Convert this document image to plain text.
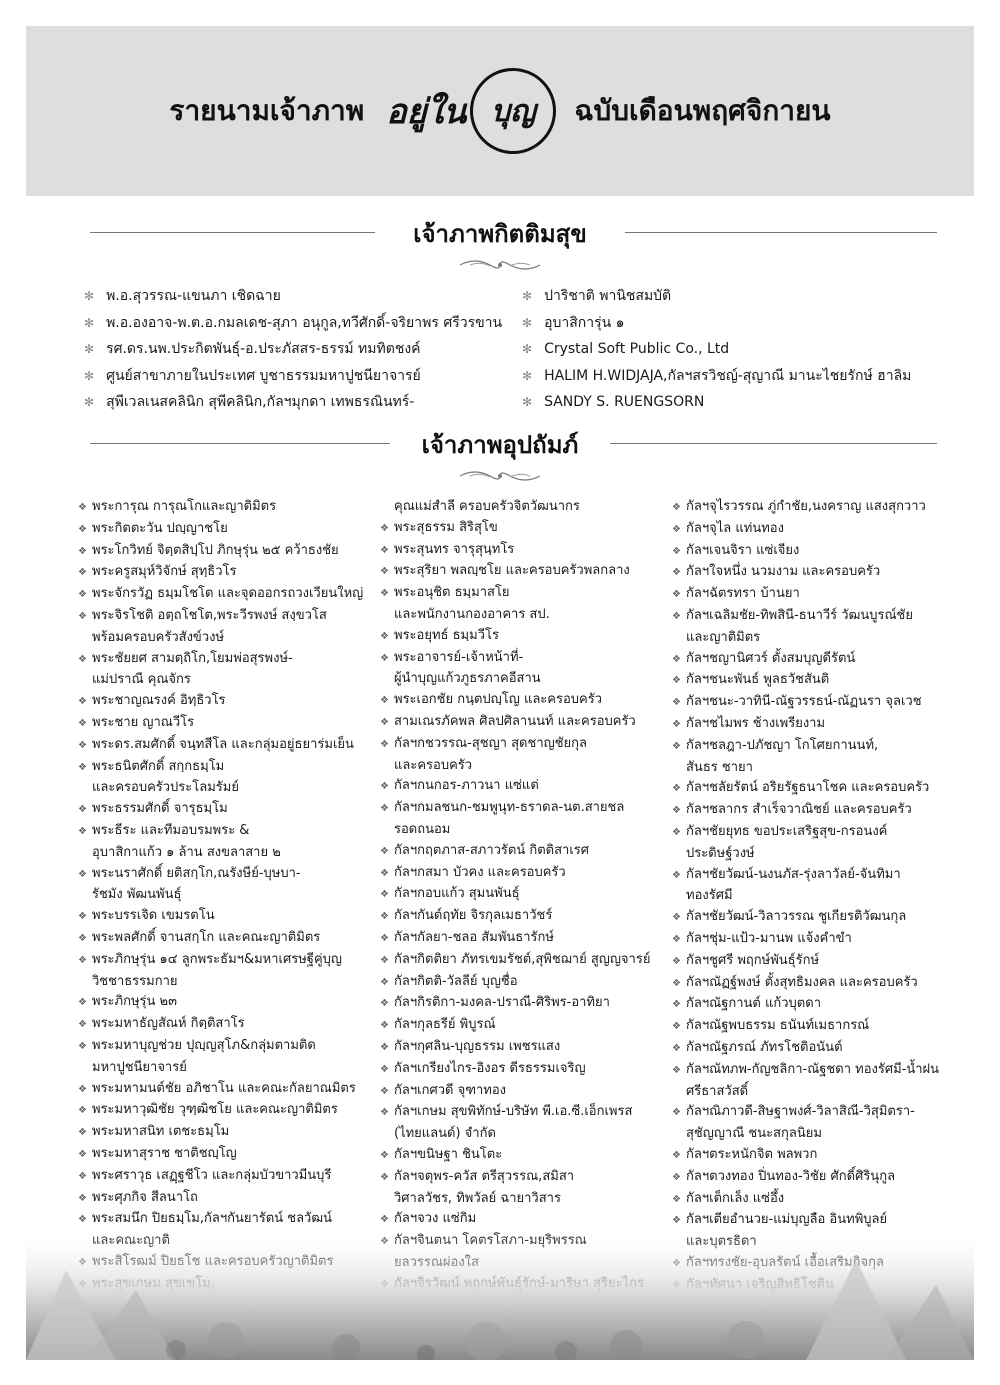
รายนามเจ้าภาพ อยู่ใน บุญ	ฉบับเดือนพฤศจิกายน
เจ้าภาพกิตติมสุข
✻ พ.อ.สุวรรณ-แขนภา เชิดฉาย
✻ พ.อ.องอาจ-พ.ต.อ.กมลเดช-สุภา อนุกูล,ทวีศักดิ์-จริยาพร ศรีวรขาน
✻ รศ.ดร.นพ.ประกิตพันธุ์-อ.ประภัสสร-ธรรม์ ทมทิตชงค์
✻ ศูนย์สาขาภายในประเทศ บูชาธรรมมหาปูชนียาจารย์
✻ สุพีเวลเนสคลินิก สุพีคลินิก,กัลฯมุกดา เทพธรณินทร์-
✻ ปาริชาติ พานิชสมบัติ
✻ อุบาสิการุ่น ๑
✻ Crystal Soft Public Co., Ltd
✻ HALIM H.WIDJAJA,กัลฯสรวิชญ์-สุญาณี มานะไชยรักษ์ ฮาลิม
✻ SANDY S. RUENGSORN
เจ้าภาพอุปถัมภ์
❖ พระการุณ การุณโกและญาติมิตร
❖ พระกิตตะวัน ปญฺญาชโย
❖ พระโกวิทย์ จิตฺตสิปฺโป ภิกษุรุ่น ๒๕ คว้าธงชัย
❖ พระครูสมุห์วิจักษ์ สุทฺธิวโร
❖ พระจักรวัฏ ธมฺมโชโต และจุดออกรถวงเวียนใหญ่
❖ พระจิรโชติ อตฺถโชโต,พระวีรพงษ์ สงฺขวโส
พร้อมครอบครัวสังข์วงษ์
❖ พระชัยยศ สามตฺถิโก,โยมพ่อสุรพงษ์-
แม่ปราณี คุณจักร
❖ พระชาญณรงค์ อิทฺธิวโร
❖ พระชาย ญาณวีโร
❖ พระดร.สมศักดิ์ จนฺทสีโล และกลุ่มอยู่ธยาร่มเย็น
❖ พระธนิตศักดิ์ สกฺกธมฺโม
และครอบครัวประโลมรัมย์
❖ พระธรรมศักดิ์ จารุธมฺโม
❖ พระธีระ และทีมอบรมพระ &
อุบาสิกาแก้ว ๑ ล้าน สงขลาสาย ๒
❖ พระนราศักดิ์ ยติสกฺโก,ณรังษีย์-บุษบา-
รัชมัง พัฒนพันธุ์
❖ พระบรรเจิด เขมรตโน
❖ พระพลศักดิ์ จานสกฺโก และคณะญาติมิตร
❖ พระภิกษุรุ่น ๑๔ ลูกพระธัมฯ&มหาเศรษฐีคู่บุญ
วิชชาธรรมกาย
❖ พระภิกษุรุ่น ๒๓
❖ พระมหาธัญสัณห์ กิตฺติสาโร
❖ พระมหาบุญช่วย ปุญฺญสุโภ&กลุ่มตามติด
มหาปูชนียาจารย์
❖ พระมหามนต์ชัย อภิชาโน และคณะกัลยาณมิตร
❖ พระมหาวุฒิชัย วุฑฺฒิชโย และคณะญาติมิตร
❖ พระมหาสนิท เตชะธมฺโม
❖ พระมหาสุราช ชาติชญฺโญ
❖ พระศราวุธ เสฏฺฐชีโว และกลุ่มบัวขาวมีนบุรี
❖ พระศุภกิจ สีลนาโถ
❖ พระสมนึก ปิยธมฺโม,กัลฯกันยารัตน์ ชลวัฒน์
คุณแม่สำลี ครอบครัวจิตวัฒนากร
❖ พระสุธรรม สิริสุโข
❖ พระสุนทร จารุสุนฺทโร
❖ พระสุริยา พลญฺชโย และครอบครัวพลกลาง
❖ พระอนุชิต ธมฺมาสโย
และพนักงานกองอาคาร สป.
❖ พระอยุทธ์ ธมฺมวีโร
❖ พระอาจารย์-เจ้าหน้าที่-
ผู้นำบุญแก้วภูธรภาคอีสาน
❖ พระเอกชัย กนฺตปญฺโญ และครอบครัว
❖ สามเณรภัคพล ศิลปศิลานนท์ และครอบครัว
❖ กัลฯกชวรรณ-สุชญา สุดชาญชัยกุล
และครอบครัว
❖ กัลฯกนกอร-ภาวนา แซ่แต่
❖ กัลฯกมลชนก-ชมพูนุท-ธราดล-นต.สายชล
รอดถนอม
❖ กัลฯกฤตภาส-สภาวรัตน์ กิตติสาเรศ
❖ กัลฯกสมา บัวคง และครอบครัว
❖ กัลฯกอบแก้ว สุมนพันธุ์
❖ กัลฯกันต์ฤทัย จิรกุลเมธาวัชร์
❖ กัลฯกัลยา-ชลอ สัมพันธารักษ์
❖ กัลฯกิตติยา ภัทรเขมรัชต์,สุพิชฌาย์ สูญญจารย์
❖ กัลฯกิตติ-วัลลีย์ บุญชื่อ
❖ กัลฯกิรติกา-มงคล-ปราณี-ศิริพร-อาทิยา
❖ กัลฯกุลธรีย์ พิบูรณ์
❖ กัลฯกุศลิน-บุญธรรม เพชรแสง
❖ กัลฯเกรียงไกร-อิงอร ดีรธรรมเจริญ
❖ กัลฯเกศวดี จุฑาทอง
❖ กัลฯเกษม สุขพิทักษ์-บริษัท พี.เอ.ซี.เอ็กเพรส
(ไทยแลนด์) จำกัด
❖ กัลฯขนิษฐา ชินโตะ
❖ กัลฯจตุพร-ควัส ตรีสุวรรณ,สมิสา
วิศาลวัชร, ทิพวัลย์ ฉายาวิสาร
❖ กัลฯจวง แซ่กิม
❖ กัลฯจุไรวรรณ ภู่กำชัย,นงคราญ แสงสุกวาว
❖ กัลฯจุไล แท่นทอง
❖ กัลฯเจนจิรา แซ่เจียง
❖ กัลฯใจหนึ่ง นวมงาม และครอบครัว
❖ กัลฯฉัตรทรา บ้านยา
❖ กัลฯเฉลิมชัย-ทิพสินี-ธนาวีร์ วัฒนบูรณ์ชัย
และญาติมิตร
❖ กัลฯชญานิศวร์ ตั้งสมบุญดีรัตน์
❖ กัลฯชนะพันธ์ พูลธวัชสันติ
❖ กัลฯชนะ-วาทินี-ณัฐวรรธน์-ณัฏนรา จุลเวช
❖ กัลฯชไมพร ช้างเพรียงาม
❖ กัลฯชลฎา-ปภัชญา โกโศยกานนท์,
สันธร ชายา
❖ กัลฯชลัยรัตน์ อริยรัฐธนาโชค และครอบครัว
❖ กัลฯชลากร สำเร็จวาณิชย์ และครอบครัว
❖ กัลฯชัยยุทธ ขอประเสริฐสุข-กรอนงค์
ประดิษฐ์วงษ์
❖ กัลฯชัยวัฒน์-นงนภัส-รุ่งลาวัลย์-จันทิมา
ทองรัศมี
❖ กัลฯชัยวัฒน์-วิลาวรรณ ชูเกียรติวัฒนกุล
❖ กัลฯชุ่ม-แป้ว-มานพ แจ้งคำขำ
❖ กัลฯชูศรี พฤกษ์พันธุ์รักษ์
❖ กัลฯณัฏฐ์พงษ์ ตั้งสุทธิมงคล และครอบครัว
❖ กัลฯณัฐกานต์ แก้วบุตดา
❖ กัลฯณัฐพบธรรม ธนันท์เมธากรณ์
❖ กัลฯณัฐภรณ์ ภัทรโชติอนันต์
❖ กัลฯณัทภพ-กัญชลิกา-ณัฐชดา ทองรัศมี-น้ำฝน
ศรีธาสวัสดิ์
❖ กัลฯณิภาวดี-สิษฐาพงศ์-วิลาสิณี-วิสุมิตรา-
สุชัญญาณี ชนะสกุลนิยม
❖ กัลฯตระหนักจิต พลพวก
❖ กัลฯตวงทอง ปิ่นทอง-วิชัย ศักดิ์ศิรินุกูล
❖ กัลฯเต็กเล็ง แซ่อึ้ง
❖ กัลฯเตียอำนวย-แม่บุญลือ อินทพิบูลย์
